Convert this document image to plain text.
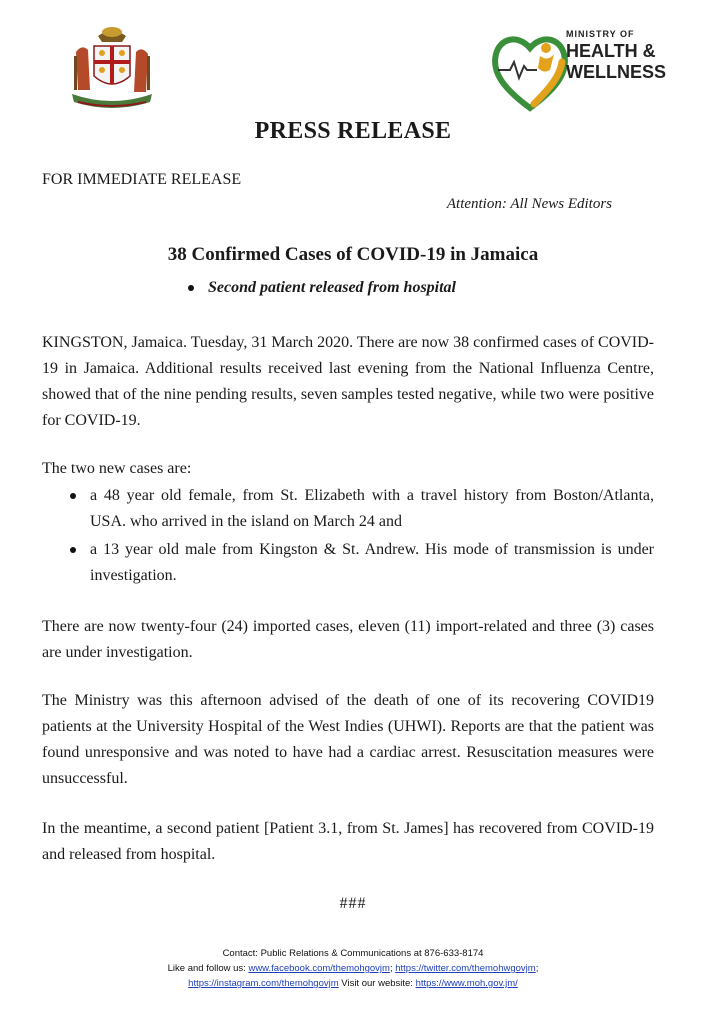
MINISTRY OF
HEALTH &
WELLNESS
PRESS RELEASE
FOR IMMEDIATE RELEASE
Attention: All News Editors
38 Confirmed Cases of COVID-19 in Jamaica
Second patient released from hospital
KINGSTON, Jamaica. Tuesday, 31 March 2020. There are now 38 confirmed cases of COVID-19 in Jamaica. Additional results received last evening from the National Influenza Centre, showed that of the nine pending results, seven samples tested negative, while two were positive for COVID-19.
The two new cases are:
a 48 year old female, from St. Elizabeth with a travel history from Boston/Atlanta, USA. who arrived in the island on March 24 and
a 13 year old male from Kingston & St. Andrew. His mode of transmission is under investigation.
There are now twenty-four (24) imported cases, eleven (11) import-related and three (3) cases are under investigation.
The Ministry was this afternoon advised of the death of one of its recovering COVID19 patients at the University Hospital of the West Indies (UHWI). Reports are that the patient was found unresponsive and was noted to have had a cardiac arrest. Resuscitation measures were unsuccessful.
In the meantime, a second patient [Patient 3.1, from St. James] has recovered from COVID-19 and released from hospital.
###
Contact: Public Relations & Communications at 876-633-8174
Like and follow us: www.facebook.com/themohgovjm; https://twitter.com/themohwgovjm;
https://instagram.com/themohgovjm Visit our website: https://www.moh.gov.jm/
